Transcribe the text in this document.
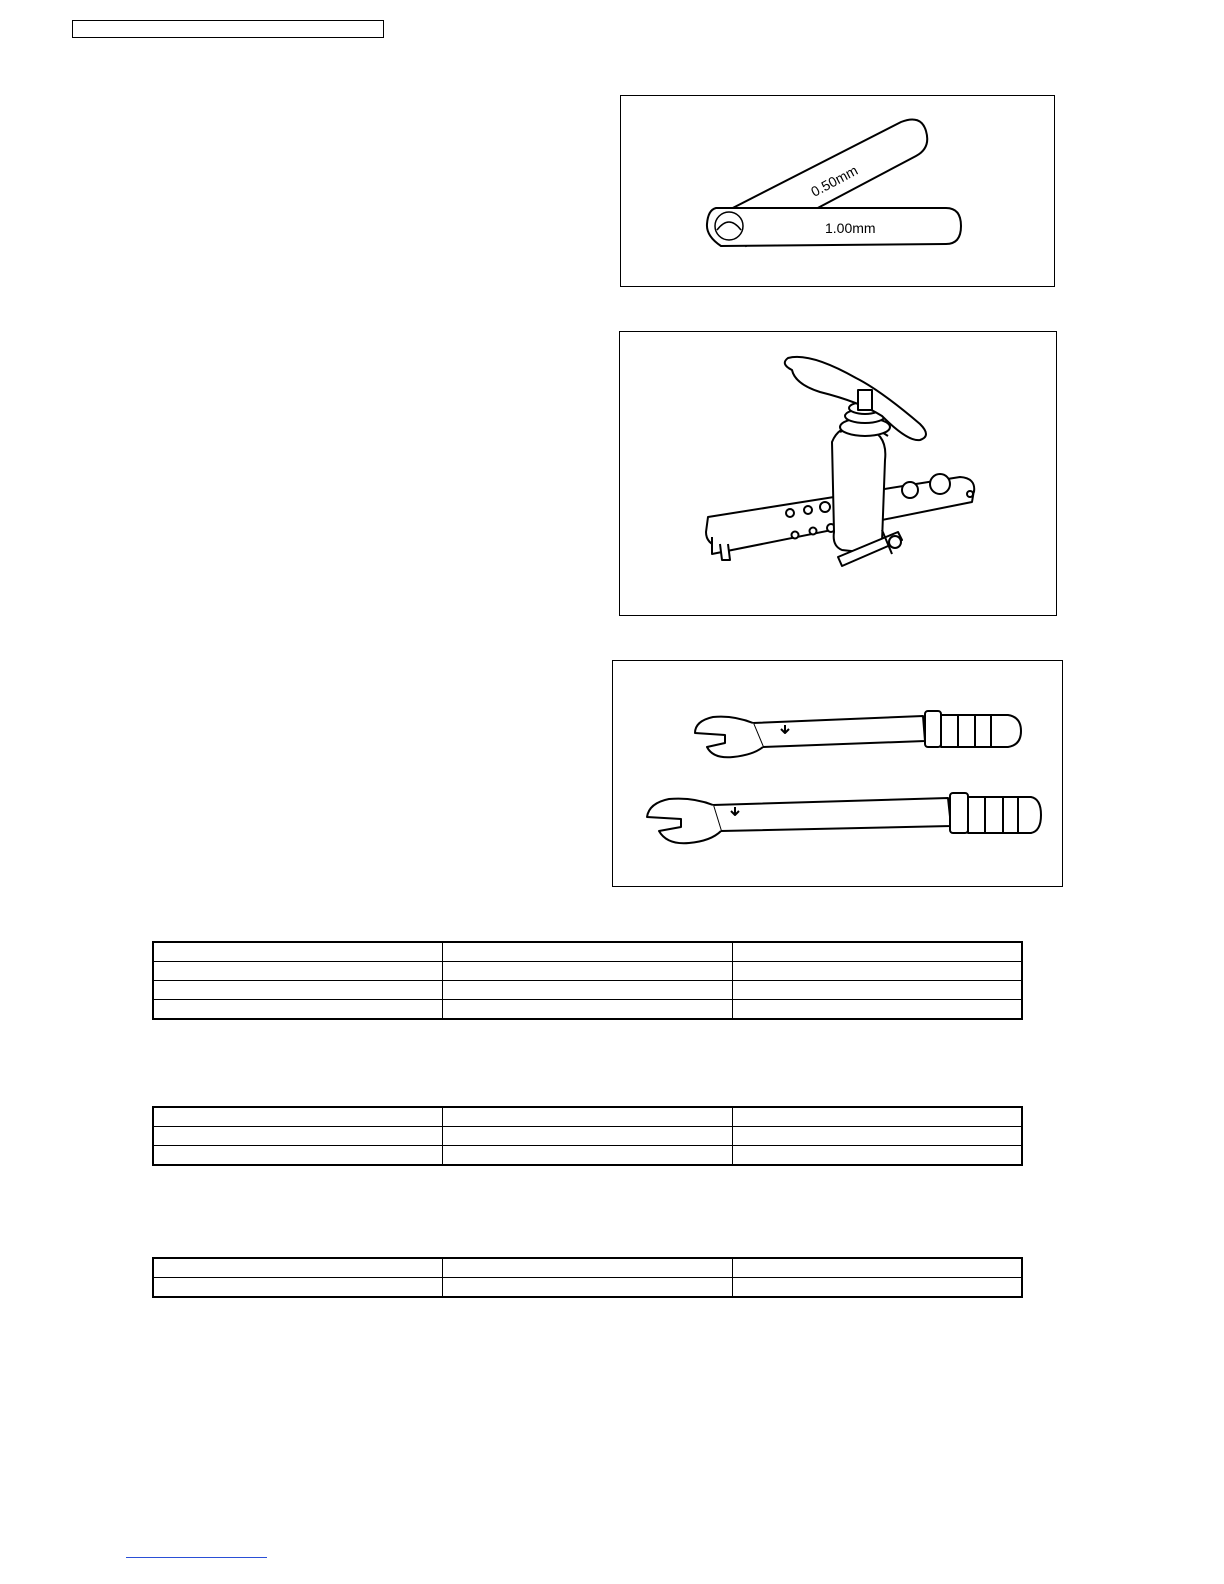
0.50mm
1.00mm
